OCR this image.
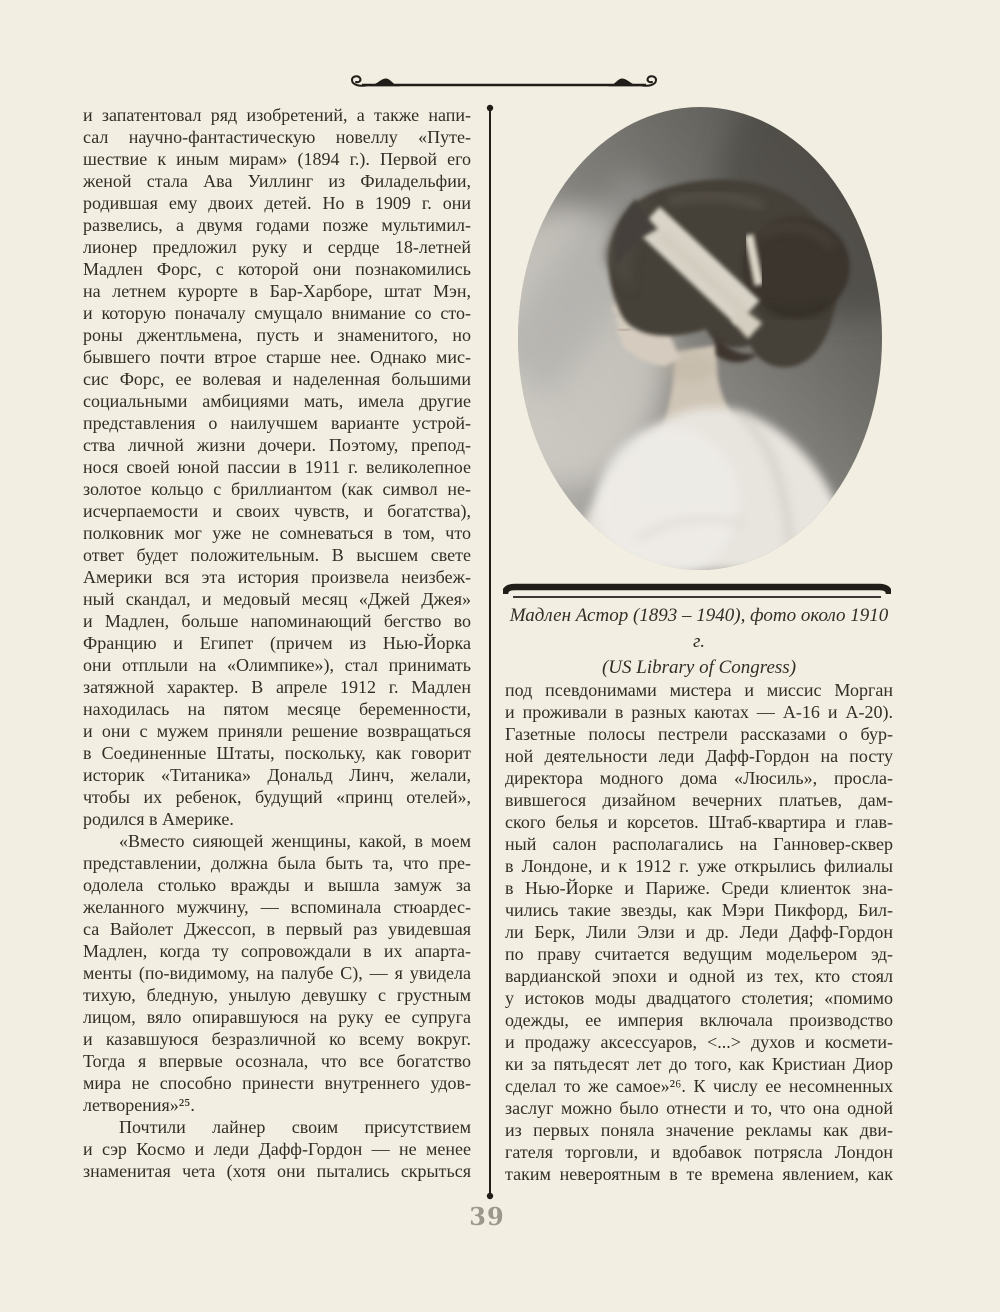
и запатентовал ряд изобретений, а также напи-
сал научно-фантастическую новеллу «Путе-
шествие к иным мирам» (1894 г.). Первой его
женой стала Ава Уиллинг из Филадельфии,
родившая ему двоих детей. Но в 1909 г. они
развелись, а двумя годами позже мультимил-
лионер предложил руку и сердце 18-летней
Мадлен Форс, с которой они познакомились
на летнем курорте в Бар-Харборе, штат Мэн,
и которую поначалу смущало внимание со сто-
роны джентльмена, пусть и знаменитого, но
бывшего почти втрое старше нее. Однако мис-
сис Форс, ее волевая и наделенная большими
социальными амбициями мать, имела другие
представления о наилучшем варианте устрой-
ства личной жизни дочери. Поэтому, препод-
нося своей юной пассии в 1911 г. великолепное
золотое кольцо с бриллиантом (как символ не-
исчерпаемости и своих чувств, и богатства),
полковник мог уже не сомневаться в том, что
ответ будет положительным. В высшем свете
Америки вся эта история произвела неизбеж-
ный скандал, и медовый месяц «Джей Джея»
и Мадлен, больше напоминающий бегство во
Францию и Египет (причем из Нью-Йорка
они отплыли на «Олимпике»), стал принимать
затяжной характер. В апреле 1912 г. Мадлен
находилась на пятом месяце беременности,
и они с мужем приняли решение возвращаться
в Соединенные Штаты, поскольку, как говорит
историк «Титаника» Дональд Линч, желали,
чтобы их ребенок, будущий «принц отелей»,
родился в Америке.
«Вместо сияющей женщины, какой, в моем
представлении, должна была быть та, что пре-
одолела столько вражды и вышла замуж за
желанного мужчину, — вспоминала стюардес-
са Вайолет Джессоп, в первый раз увидевшая
Мадлен, когда ту сопровождали в их апарта-
менты (по-видимому, на палубе С), — я увидела
тихую, бледную, унылую девушку с грустным
лицом, вяло опиравшуюся на руку ее супруга
и казавшуюся безразличной ко всему вокруг.
Тогда я впервые осознала, что все богатство
мира не способно принести внутреннего удов-
летворения»²⁵.
Почтили лайнер своим присутствием
и сэр Космо и леди Дафф-Гордон — не менее
знаменитая чета (хотя они пытались скрыться
Мадлен Астор (1893 – 1940), фото около 1910 г.
(US Library of Congress)
под псевдонимами мистера и миссис Морган
и проживали в разных каютах — А-16 и А-20).
Газетные полосы пестрели рассказами о бур-
ной деятельности леди Дафф-Гордон на посту
директора модного дома «Люсиль», просла-
вившегося дизайном вечерних платьев, дам-
ского белья и корсетов. Штаб-квартира и глав-
ный салон располагались на Ганновер-сквер
в Лондоне, и к 1912 г. уже открылись филиалы
в Нью-Йорке и Париже. Среди клиенток зна-
чились такие звезды, как Мэри Пикфорд, Бил-
ли Берк, Лили Элзи и др. Леди Дафф-Гордон
по праву считается ведущим модельером эд-
вардианской эпохи и одной из тех, кто стоял
у истоков моды двадцатого столетия; «помимо
одежды, ее империя включала производство
и продажу аксессуаров, <...> духов и космети-
ки за пятьдесят лет до того, как Кристиан Диор
сделал то же самое»²⁶. К числу ее несомненных
заслуг можно было отнести и то, что она одной
из первых поняла значение рекламы как дви-
гателя торговли, и вдобавок потрясла Лондон
таким невероятным в те времена явлением, как
39
